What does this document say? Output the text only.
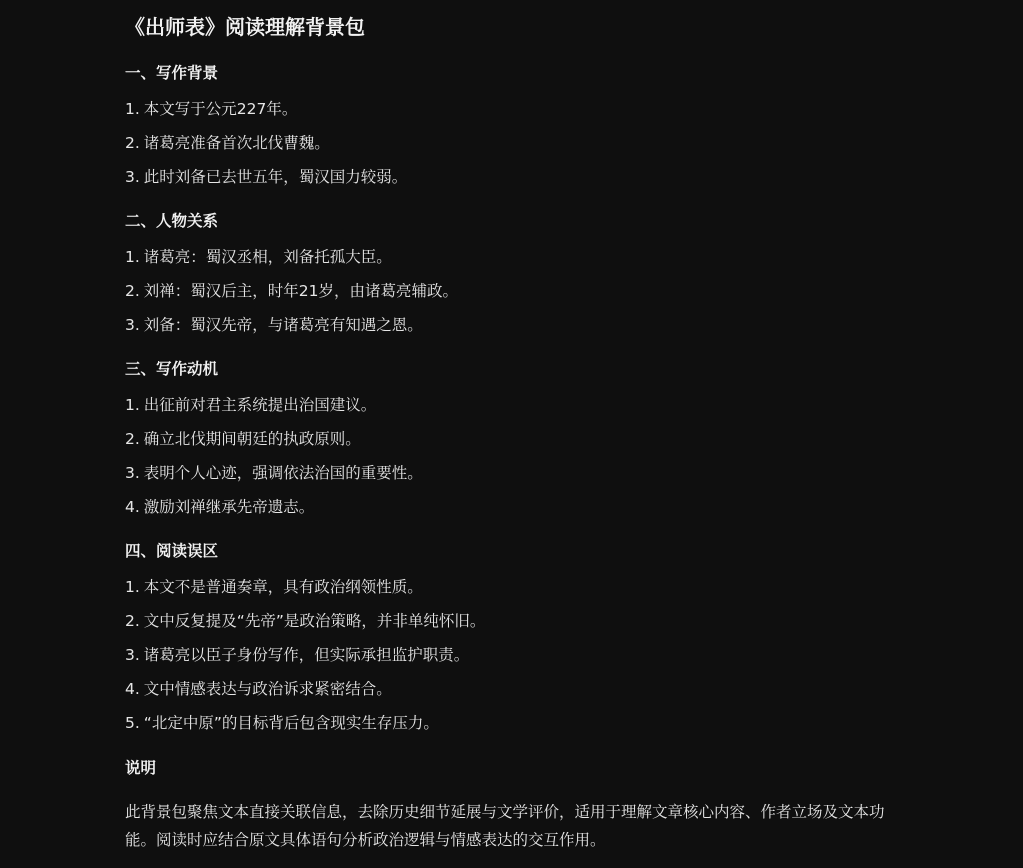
《出师表》阅读理解背景包
一、写作背景

1. 本文写于公元227年。

2. 诸葛亮准备首次北伐曹魏。

3. 此时刘备已去世五年，蜀汉国力较弱。

二、人物关系

1. 诸葛亮：蜀汉丞相，刘备托孤大臣。

2. 刘禅：蜀汉后主，时年21岁，由诸葛亮辅政。

3. 刘备：蜀汉先帝，与诸葛亮有知遇之恩。

三、写作动机

1. 出征前对君主系统提出治国建议。

2. 确立北伐期间朝廷的执政原则。

3. 表明个人心迹，强调依法治国的重要性。

4. 激励刘禅继承先帝遗志。

四、阅读误区

1. 本文不是普通奏章，具有政治纲领性质。

2. 文中反复提及“先帝”是政治策略，并非单纯怀旧。

3. 诸葛亮以臣子身份写作，但实际承担监护职责。

4. 文中情感表达与政治诉求紧密结合。

5. “北定中原”的目标背后包含现实生存压力。

说明

此背景包聚焦文本直接关联信息，去除历史细节延展与文学评价，适用于理解文章核心内容、作者立场及文本功能。阅读时应结合原文具体语句分析政治逻辑与情感表达的交互作用。
